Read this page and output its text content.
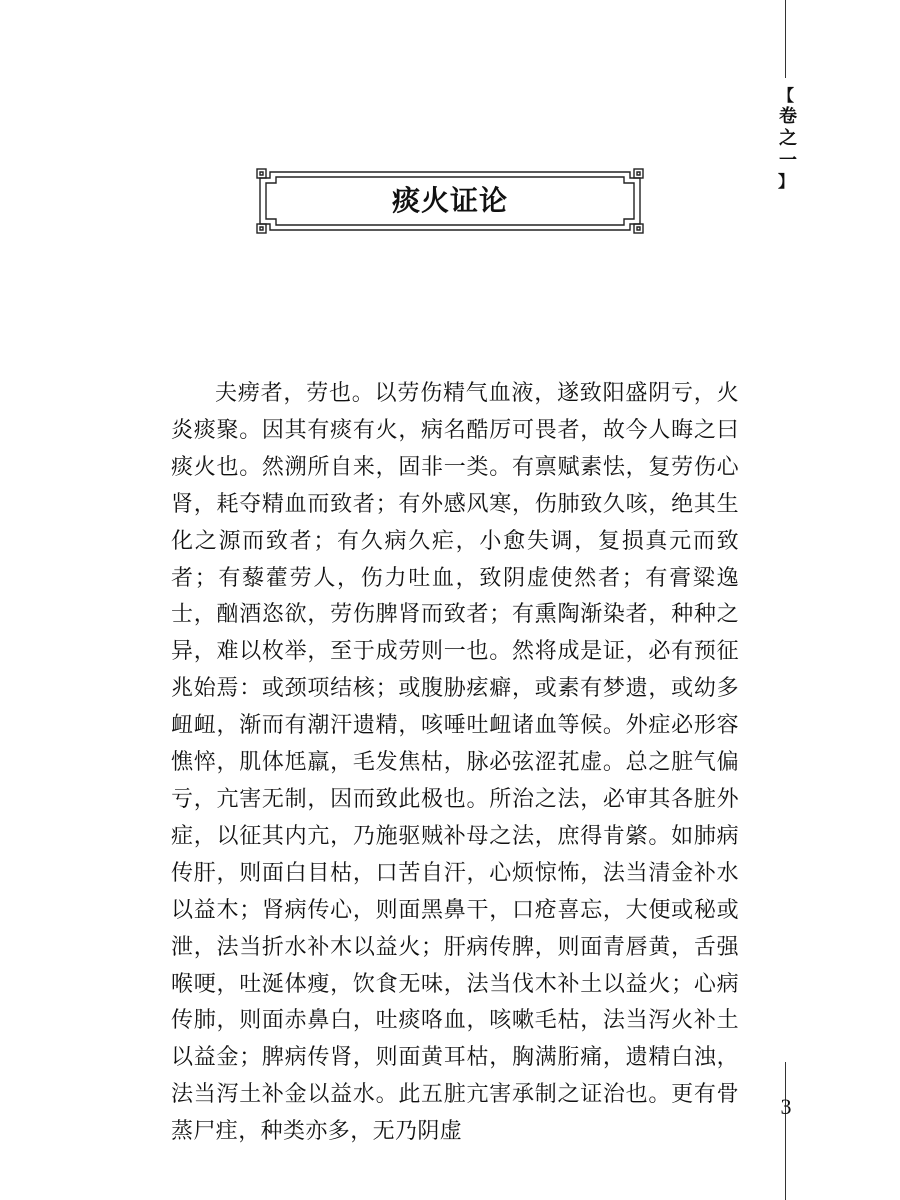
【
卷之一
】
3
痰火证论

夫痨者，劳也。以劳伤精气血液，遂致阳盛阴亏，火炎痰聚。因其有痰有火，病名酷厉可畏者，故今人晦之曰痰火也。然溯所自来，固非一类。有禀赋素怯，复劳伤心肾，耗夺精血而致者；有外感风寒，伤肺致久咳，绝其生化之源而致者；有久病久疟，小愈失调，复损真元而致者；有藜藿劳人，伤力吐血，致阴虚使然者；有膏粱逸士，酗酒恣欲，劳伤脾肾而致者；有熏陶渐染者，种种之异，难以枚举，至于成劳则一也。然将成是证，必有预征兆始焉：或颈项结核；或腹胁痃癖，或素有梦遗，或幼多衄衄，渐而有潮汗遗精，咳唾吐衄诸血等候。外症必形容憔悴，肌体尪羸，毛发焦枯，脉必弦涩芤虚。总之脏气偏亏，亢害无制，因而致此极也。所治之法，必审其各脏外症，以征其内亢，乃施驱贼补母之法，庶得肯綮。如肺病传肝，则面白目枯，口苦自汗，心烦惊怖，法当清金补水以益木；肾病传心，则面黑鼻干，口疮喜忘，大便或秘或泄，法当折水补木以益火；肝病传脾，则面青唇黄，舌强喉哽，吐涎体瘦，饮食无味，法当伐木补土以益火；心病传肺，则面赤鼻白，吐痰咯血，咳嗽毛枯，法当泻火补土以益金；脾病传肾，则面黄耳枯，胸满胻痛，遗精白浊，法当泻土补金以益水。此五脏亢害承制之证治也。更有骨蒸尸疰，种类亦多，无乃阴虚
